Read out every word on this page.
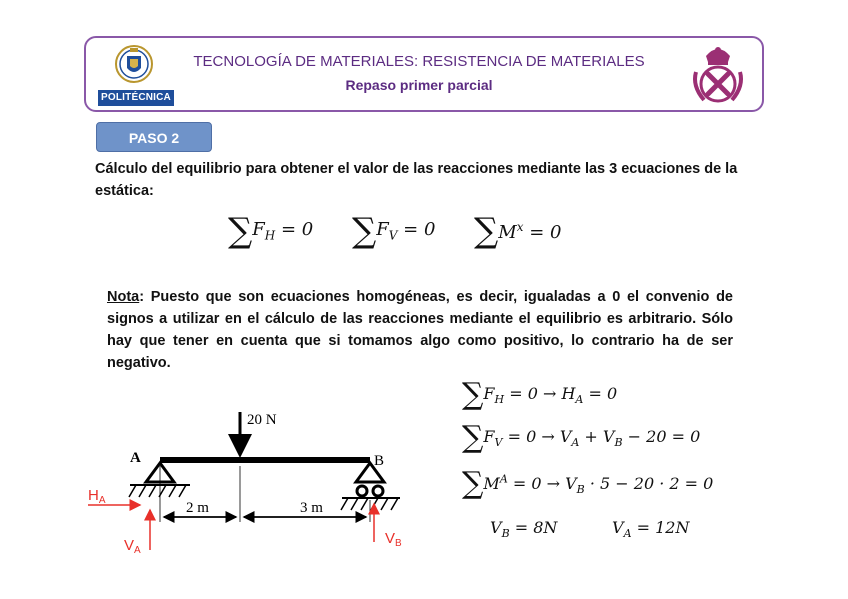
POLITÉCNICA
TECNOLOGÍA DE MATERIALES: RESISTENCIA DE MATERIALES
Repaso primer parcial
PASO 2
Cálculo del equilibrio para obtener el valor de las reacciones mediante las 3 ecuaciones de la estática:
$\sum F_H = 0$ $\sum F_V = 0$ $\sum M^x = 0$
Nota: Puesto que son ecuaciones homogéneas, es decir, igualadas a 0 el convenio de signos a utilizar en el cálculo de las reacciones mediante el equilibrio es arbitrario. Sólo hay que tener en cuenta que si tomamos algo como positivo, lo contrario ha de ser negativo.
20 N
A	B
2 m	3 m
$H_A$
$V_A$
$V_B$
$\sum F_H = 0 \to H_A = 0$
$\sum F_V = 0 \to V_A + V_B - 20 = 0$
$\sum M^A = 0 \to V_B \cdot 5 - 20 \cdot 2 = 0$
$V_B = 8N$	$V_A = 12N$
